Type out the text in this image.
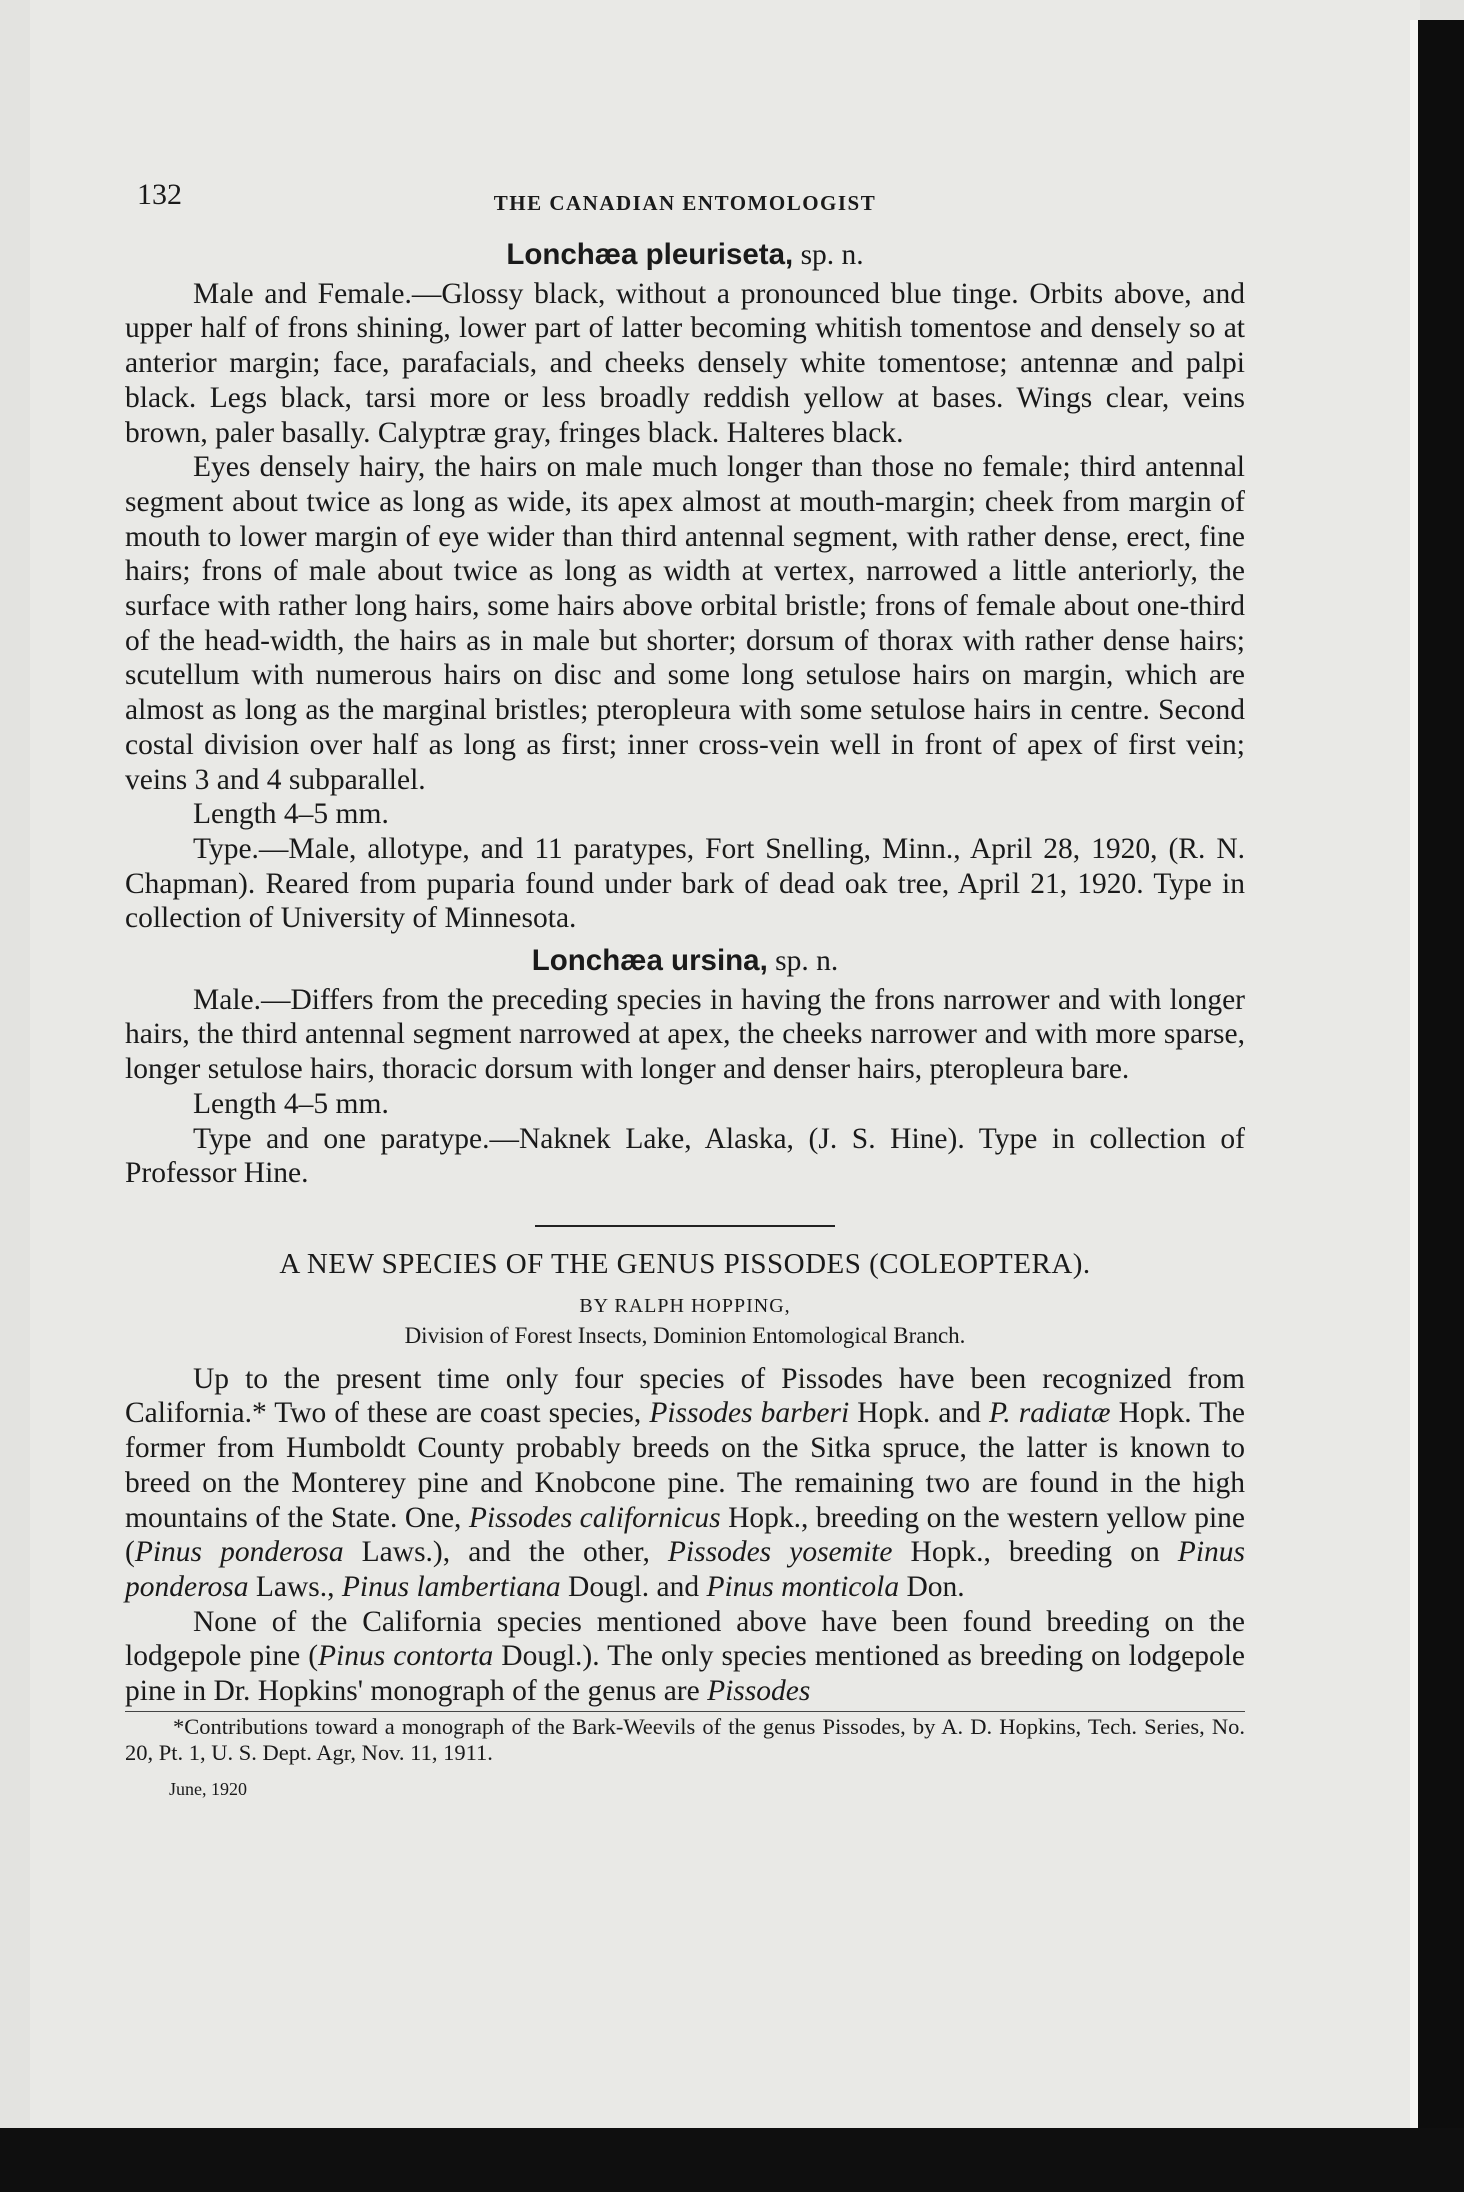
132	THE CANADIAN ENTOMOLOGIST
Lonchæa pleuriseta, sp. n.

Male and Female.—Glossy black, without a pronounced blue tinge. Orbits above, and upper half of frons shining, lower part of latter becoming whitish tomentose and densely so at anterior margin; face, parafacials, and cheeks densely white tomentose; antennæ and palpi black. Legs black, tarsi more or less broadly reddish yellow at bases. Wings clear, veins brown, paler basally. Calyptræ gray, fringes black. Halteres black.

Eyes densely hairy, the hairs on male much longer than those no female; third antennal segment about twice as long as wide, its apex almost at mouth-margin; cheek from margin of mouth to lower margin of eye wider than third antennal segment, with rather dense, erect, fine hairs; frons of male about twice as long as width at vertex, narrowed a little anteriorly, the surface with rather long hairs, some hairs above orbital bristle; frons of female about one-third of the head-width, the hairs as in male but shorter; dorsum of thorax with rather dense hairs; scutellum with numerous hairs on disc and some long setulose hairs on margin, which are almost as long as the marginal bristles; pteropleura with some setulose hairs in centre. Second costal division over half as long as first; inner cross-vein well in front of apex of first vein; veins 3 and 4 subparallel.

Length 4–5 mm.

Type.—Male, allotype, and 11 paratypes, Fort Snelling, Minn., April 28, 1920, (R. N. Chapman). Reared from puparia found under bark of dead oak tree, April 21, 1920. Type in collection of University of Minnesota.

Lonchæa ursina, sp. n.

Male.—Differs from the preceding species in having the frons narrower and with longer hairs, the third antennal segment narrowed at apex, the cheeks narrower and with more sparse, longer setulose hairs, thoracic dorsum with longer and denser hairs, pteropleura bare.

Length 4–5 mm.

Type and one paratype.—Naknek Lake, Alaska, (J. S. Hine). Type in collection of Professor Hine.

A NEW SPECIES OF THE GENUS PISSODES (COLEOPTERA).
BY RALPH HOPPING,
Division of Forest Insects, Dominion Entomological Branch.

Up to the present time only four species of Pissodes have been recognized from California.* Two of these are coast species, Pissodes barberi Hopk. and P. radiatæ Hopk. The former from Humboldt County probably breeds on the Sitka spruce, the latter is known to breed on the Monterey pine and Knobcone pine. The remaining two are found in the high mountains of the State. One, Pissodes californicus Hopk., breeding on the western yellow pine (Pinus ponderosa Laws.), and the other, Pissodes yosemite Hopk., breeding on Pinus ponderosa Laws., Pinus lambertiana Dougl. and Pinus monticola Don.

None of the California species mentioned above have been found breeding on the lodgepole pine (Pinus contorta Dougl.). The only species mentioned as breeding on lodgepole pine in Dr. Hopkins' monograph of the genus are Pissodes

*Contributions toward a monograph of the Bark-Weevils of the genus Pissodes, by A. D. Hopkins, Tech. Series, No. 20, Pt. 1, U. S. Dept. Agr, Nov. 11, 1911.

June, 1920
